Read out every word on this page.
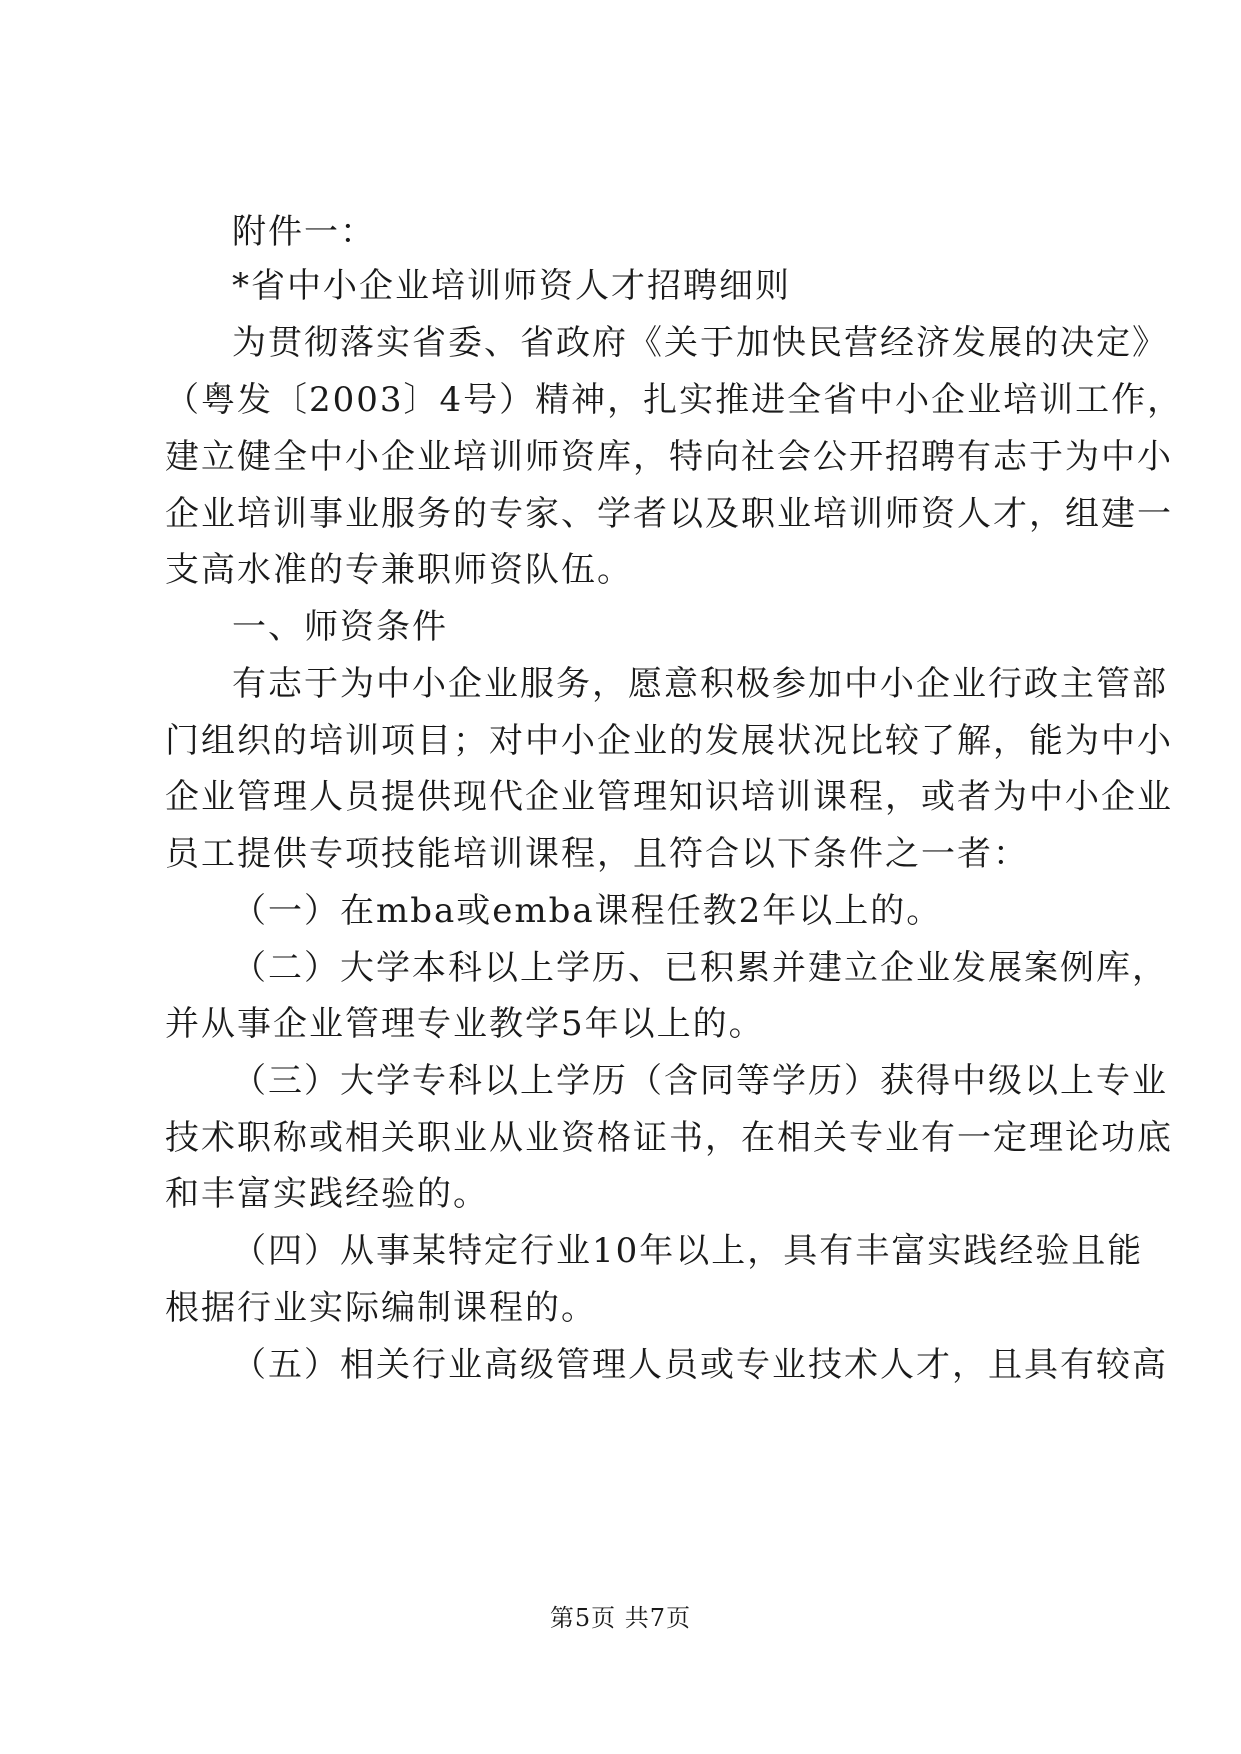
附件一：
*省中小企业培训师资人才招聘细则
为贯彻落实省委、省政府《关于加快民营经济发展的决定》
（粤发〔2003〕4号）精神，扎实推进全省中小企业培训工作，
建立健全中小企业培训师资库，特向社会公开招聘有志于为中小
企业培训事业服务的专家、学者以及职业培训师资人才，组建一
支高水准的专兼职师资队伍。
一、师资条件
有志于为中小企业服务，愿意积极参加中小企业行政主管部
门组织的培训项目；对中小企业的发展状况比较了解，能为中小
企业管理人员提供现代企业管理知识培训课程，或者为中小企业
员工提供专项技能培训课程，且符合以下条件之一者：
（一）在mba或emba课程任教2年以上的。
（二）大学本科以上学历、已积累并建立企业发展案例库，
并从事企业管理专业教学5年以上的。
（三）大学专科以上学历（含同等学历）获得中级以上专业
技术职称或相关职业从业资格证书，在相关专业有一定理论功底
和丰富实践经验的。
（四）从事某特定行业10年以上，具有丰富实践经验且能
根据行业实际编制课程的。
（五）相关行业高级管理人员或专业技术人才，且具有较高
第5页 共7页
